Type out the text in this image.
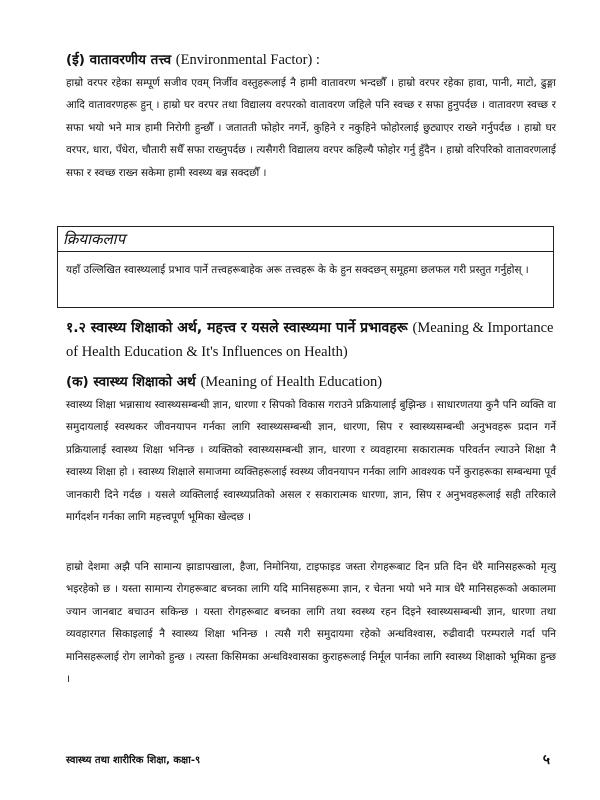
(ई) वातावरणीय तत्त्व (Environmental Factor) :
हाम्रो वरपर रहेका सम्पूर्ण सजीव एवम् निर्जीव वस्तुहरूलाई नै हामी वातावरण भन्दछौँ । हाम्रो वरपर रहेका हावा, पानी, माटो, ढुङ्गा आदि वातावरणहरू हुन् । हाम्रो घर वरपर तथा विद्यालय वरपरको वातावरण जहिले पनि स्वच्छ र सफा हुनुपर्दछ । वातावरण स्वच्छ र सफा भयो भने मात्र हामी निरोगी हुन्छौँ । जतातती फोहोर नगर्ने, कुहिने र नकुहिने फोहोरलाई छुट्याएर राख्ने गर्नुपर्दछ । हाम्रो घर वरपर, धारा, पँधेरा, चौतारी सधैँ सफा राख्नुपर्दछ । त्यसैगरी विद्यालय वरपर कहिल्यै फोहोर गर्नु हुँदैन । हाम्रो वरिपरिको वातावरणलाई सफा र स्वच्छ राख्न सकेमा हामी स्वस्थ्य बन्न सक्दछौँ ।
क्रियाकलाप
यहाँ उल्लिखित स्वास्थ्यलाई प्रभाव पार्ने तत्त्वहरूबाहेक अरू तत्त्वहरू के के हुन सक्दछन् समूहमा छलफल गरी प्रस्तुत गर्नुहोस् ।
१.२ स्वास्थ्य शिक्षाको अर्थ, महत्त्व र यसले स्वास्थ्यमा पार्ने प्रभावहरू (Meaning & Importance of Health Education & It's Influences on Health)
(क) स्वास्थ्य शिक्षाको अर्थ (Meaning of Health Education)
स्वास्थ्य शिक्षा भन्नासाथ स्वास्थ्यसम्बन्धी ज्ञान, धारणा र सिपको विकास गराउने प्रक्रियालाई बुझिन्छ । साधारणतया कुनै पनि व्यक्ति वा समुदायलाई स्वस्थकर जीवनयापन गर्नका लागि स्वास्थ्यसम्बन्धी ज्ञान, धारणा, सिप र स्वास्थ्यसम्बन्धी अनुभवहरू प्रदान गर्ने प्रक्रियालाई स्वास्थ्य शिक्षा भनिन्छ । व्यक्तिको स्वास्थ्यसम्बन्धी ज्ञान, धारणा र व्यवहारमा सकारात्मक परिवर्तन ल्याउने शिक्षा नै स्वास्थ्य शिक्षा हो । स्वास्थ्य शिक्षाले समाजमा व्यक्तिहरूलाई स्वस्थ्य जीवनयापन गर्नका लागि आवश्यक पर्ने कुराहरूका सम्बन्धमा पूर्व जानकारी दिने गर्दछ । यसले व्यक्तिलाई स्वास्थ्यप्रतिको असल र सकारात्मक धारणा, ज्ञान, सिप र अनुभवहरूलाई सही तरिकाले मार्गदर्शन गर्नका लागि महत्त्वपूर्ण भूमिका खेल्दछ ।
हाम्रो देशमा अझै पनि सामान्य झाडापखाला, हैजा, निमोनिया, टाइफाइड जस्ता रोगहरूबाट दिन प्रति दिन धेरै मानिसहरूको मृत्यु भइरहेको छ । यस्ता सामान्य रोगहरूबाट बच्नका लागि यदि मानिसहरूमा ज्ञान, र चेतना भयो भने मात्र धेरै मानिसहरूको अकालमा ज्यान जानबाट बचाउन सकिन्छ । यस्ता रोगहरूबाट बच्नका लागि तथा स्वस्थ्य रहन दिइने स्वास्थ्यसम्बन्धी ज्ञान, धारणा तथा व्यवहारगत सिकाइलाई नै स्वास्थ्य शिक्षा भनिन्छ । त्यसै गरी समुदायमा रहेको अन्धविश्वास, रुढीवादी परम्पराले गर्दा पनि मानिसहरूलाई रोग लागेको हुन्छ । त्यस्ता किसिमका अन्धविश्वासका कुराहरूलाई निर्मूल पार्नका लागि स्वास्थ्य शिक्षाको भूमिका हुन्छ ।
स्वास्थ्य तथा शारीरिक शिक्षा, कक्षा-९	५
